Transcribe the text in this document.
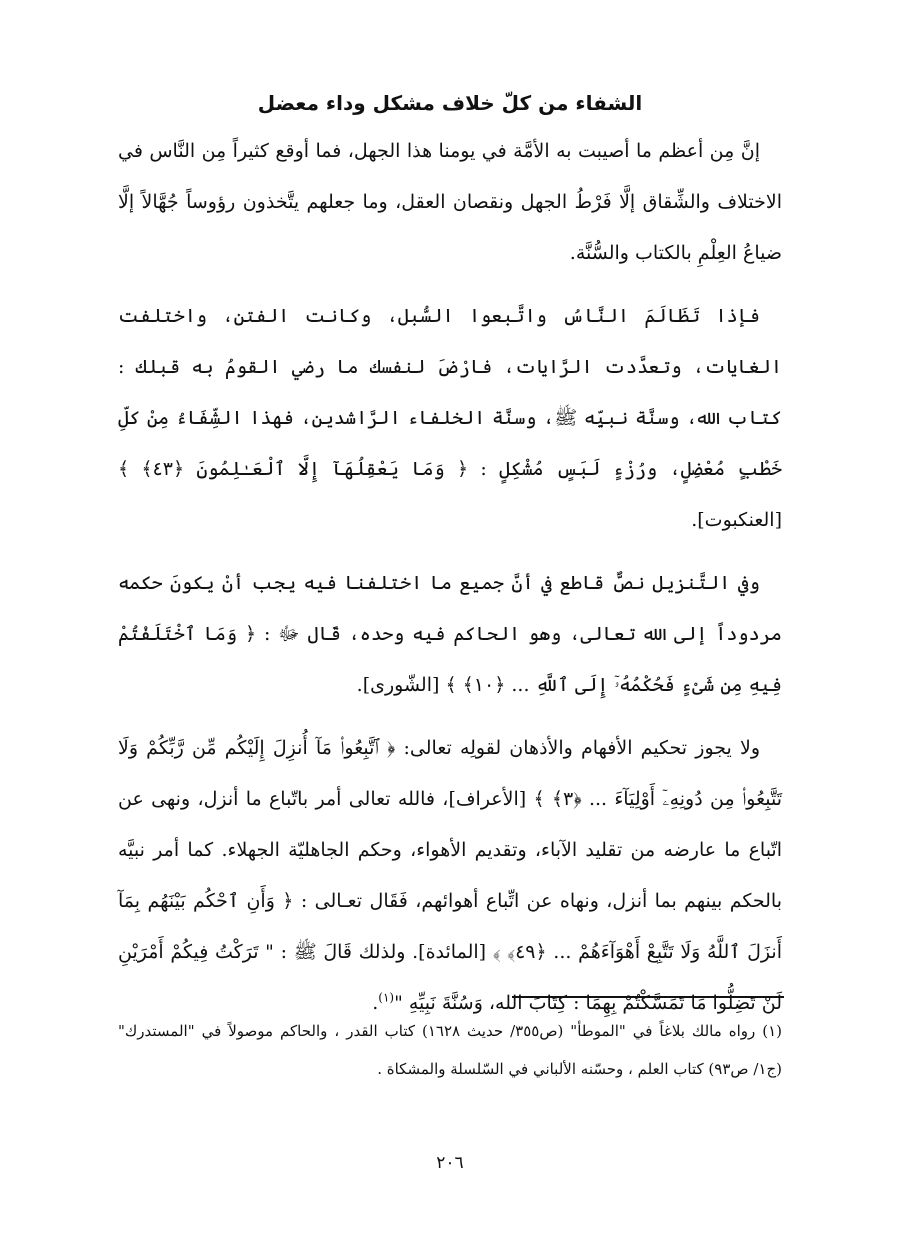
الشفاء من كلّ خلاف مشكل وداء معضل

إنَّ مِن أعظم ما أصيبت به الأمَّة في يومنا هذا الجهل، فما أوقع كثيراً مِن النَّاس في الاختلاف والشِّقاق إلَّا فَرْطُ الجهل ونقصان العقل، وما جعلهم يتَّخذون رؤوساً جُهَّالاً إلَّا ضياعُ العِلْمِ بالكتاب والسُّنَّة.

فإذا تَظَالَمَ النَّاسُ واتَّبعوا السُّبل، وكانت الفتن، واختلفت الغايات، وتعدَّدت الرَّايات، فارْضَ لنفسك ما رضي القومُ به قبلك : كتاب الله، وسنَّة نبيِّه ﷺ، وسنَّة الخلفاء الرَّاشدين، فهذا الشِّفَاءُ مِنْ كلِّ خَطْبٍ مُعْضِلٍ، ورُزْءٍ لَبَسٍ مُشْكِلٍ : ﴿ وَمَا يَعْقِلُهَآ إِلَّا ٱلْعَـٰلِمُونَ ﴿٤٣﴾ ﴾ [العنكبوت].

وفي التَّنزيل نصٌّ قاطع في أنَّ جميع ما اختلفنا فيه يجب أنْ يكونَ حكمه مردوداً إلى الله تعالى، وهو الحاكم فيه وحده، قَال ﷻ : ﴿ وَمَا ٱخْتَلَفْتُمْ فِيهِ مِن شَىْءٍ فَحُكْمُهُۥٓ إِلَى ٱللَّهِ ... ﴿١٠﴾ ﴾ [الشّورى].

ولا يجوز تحكيم الأفهام والأذهان لقولِه تعالى: ﴿ ٱتَّبِعُوا۟ مَآ أُنزِلَ إِلَيْكُم مِّن رَّبِّكُمْ وَلَا تَتَّبِعُوا۟ مِن دُونِهِۦٓ أَوْلِيَآءَ ... ﴿٣﴾ ﴾ [الأعراف]، فالله تعالى أمر باتّباع ما أنزل، ونهى عن اتّباع ما عارضه من تقليد الآباء، وتقديم الأهواء، وحكم الجاهليّة الجهلاء. كما أمر نبيَّه بالحكم بينهم بما أنزل، ونهاه عن اتِّباع أهوائهم، فَقَال تعـالى : ﴿ وَأَنِ ٱحْكُم بَيْنَهُم بِمَآ أَنزَلَ ٱللَّهُ وَلَا تَتَّبِعْ أَهْوَآءَهُمْ ... ﴿٤٩﴾ ﴾ [المائدة]. ولذلك قَالَ ﷺ : " تَرَكْتُ فِيكُمْ أَمْرَيْنِ لَنْ تَضِلُّوا مَا تَمَسَّكْتُمْ بِهِمَا : كِتَابَ الله، وَسُنَّةَ نَبِيِّهِ "$^{(١)}$.

(١) رواه مالك بلاغاً في "الموطأ" (ص٣٥٥/ حديث ١٦٢٨) كتاب القدر ، والحاكم موصولاً في "المستدرك" (ج١/ ص٩٣) كتاب العلم ، وحسّنه الألباني في السّلسلة والمشكاة .

٢٠٦
